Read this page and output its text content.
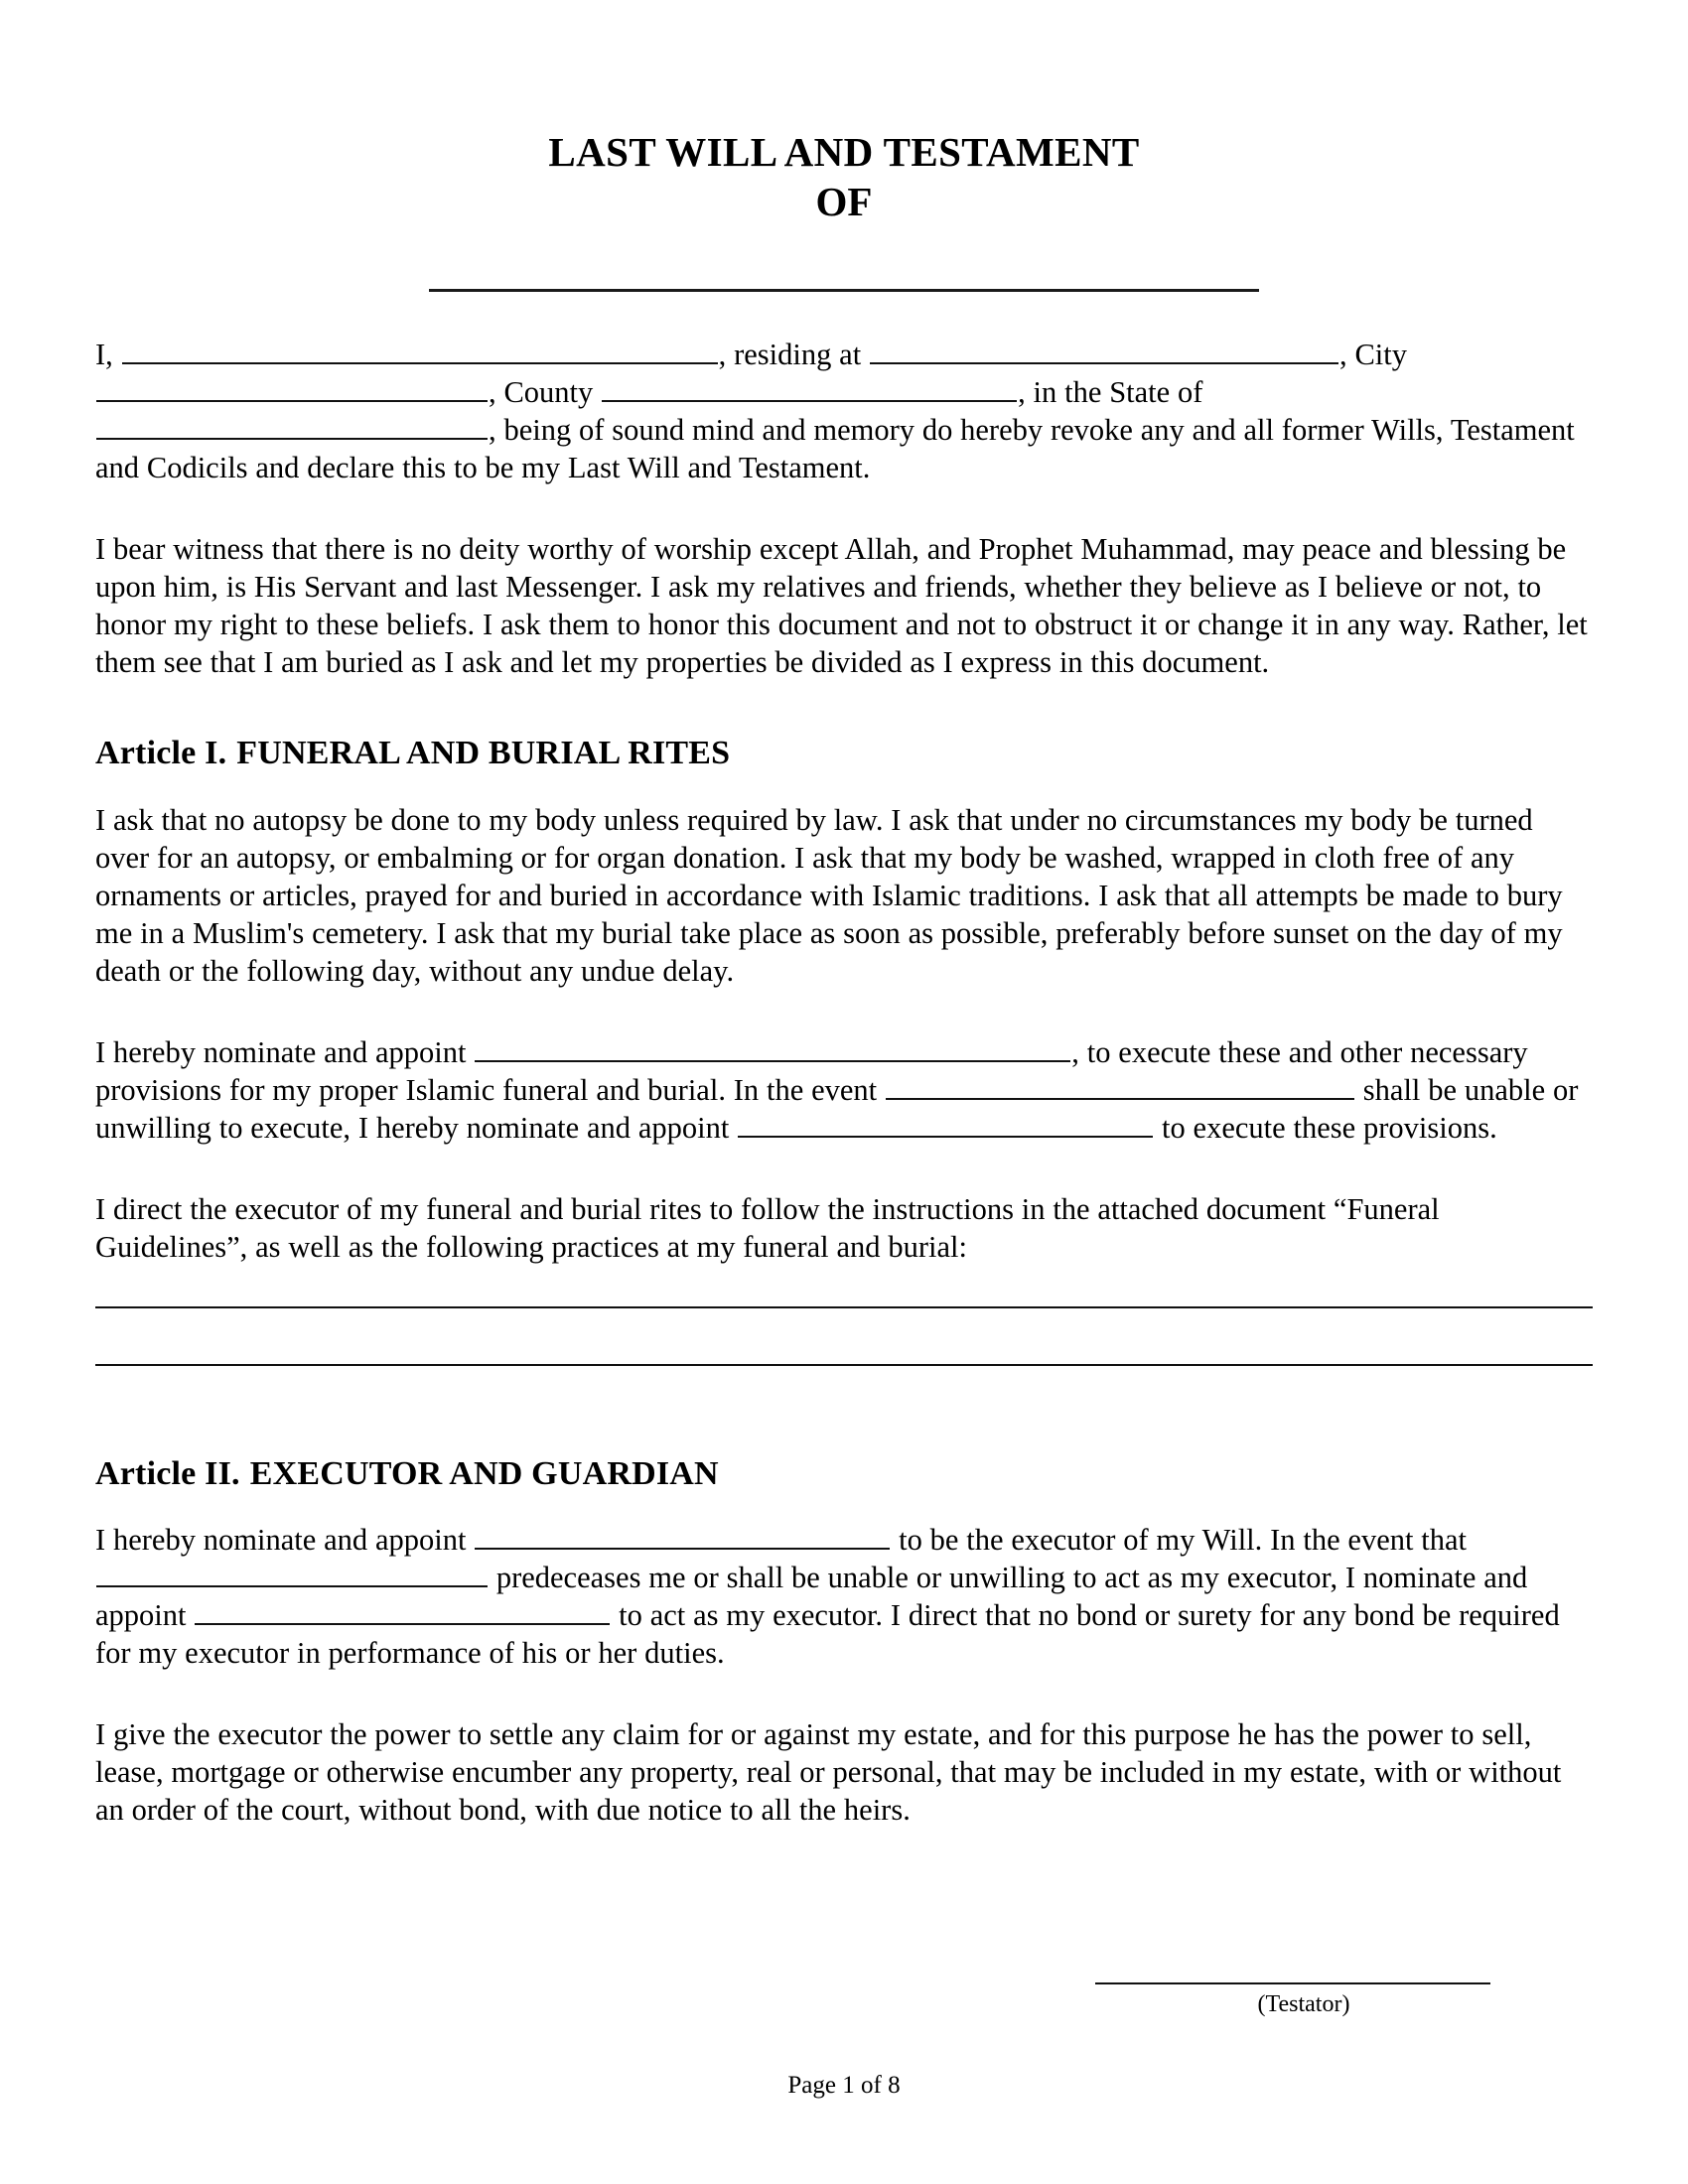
LAST WILL AND TESTAMENT
OF

I,	, residing at	, City , County	, in the State of , being of sound mind and memory do hereby revoke any and all former Wills, Testament and Codicils and declare this to be my Last Will and Testament.

I bear witness that there is no deity worthy of worship except Allah, and Prophet Muhammad, may peace and blessing be upon him, is His Servant and last Messenger. I ask my relatives and friends, whether they believe as I believe or not, to honor my right to these beliefs. I ask them to honor this document and not to obstruct it or change it in any way. Rather, let them see that I am buried as I ask and let my properties be divided as I express in this document.

Article I. FUNERAL AND BURIAL RITES

I ask that no autopsy be done to my body unless required by law. I ask that under no circumstances my body be turned over for an autopsy, or embalming or for organ donation. I ask that my body be washed, wrapped in cloth free of any ornaments or articles, prayed for and buried in accordance with Islamic traditions. I ask that all attempts be made to bury me in a Muslim's cemetery. I ask that my burial take place as soon as possible, preferably before sunset on the day of my death or the following day, without any undue delay.

I hereby nominate and appoint	, to execute these and other necessary provisions for my proper Islamic funeral and burial. In the event	shall be unable or unwilling to execute, I hereby nominate and appoint	to execute these provisions.

I direct the executor of my funeral and burial rites to follow the instructions in the attached document “Funeral Guidelines”, as well as the following practices at my funeral and burial:

Article II. EXECUTOR AND GUARDIAN

I hereby nominate and appoint	to be the executor of my Will. In the event that  predeceases me or shall be unable or unwilling to act as my executor, I nominate and appoint	to act as my executor. I direct that no bond or surety for any bond be required for my executor in performance of his or her duties.

I give the executor the power to settle any claim for or against my estate, and for this purpose he has the power to sell, lease, mortgage or otherwise encumber any property, real or personal, that may be included in my estate, with or without an order of the court, without bond, with due notice to all the heirs.

(Testator)
Page 1 of 8
